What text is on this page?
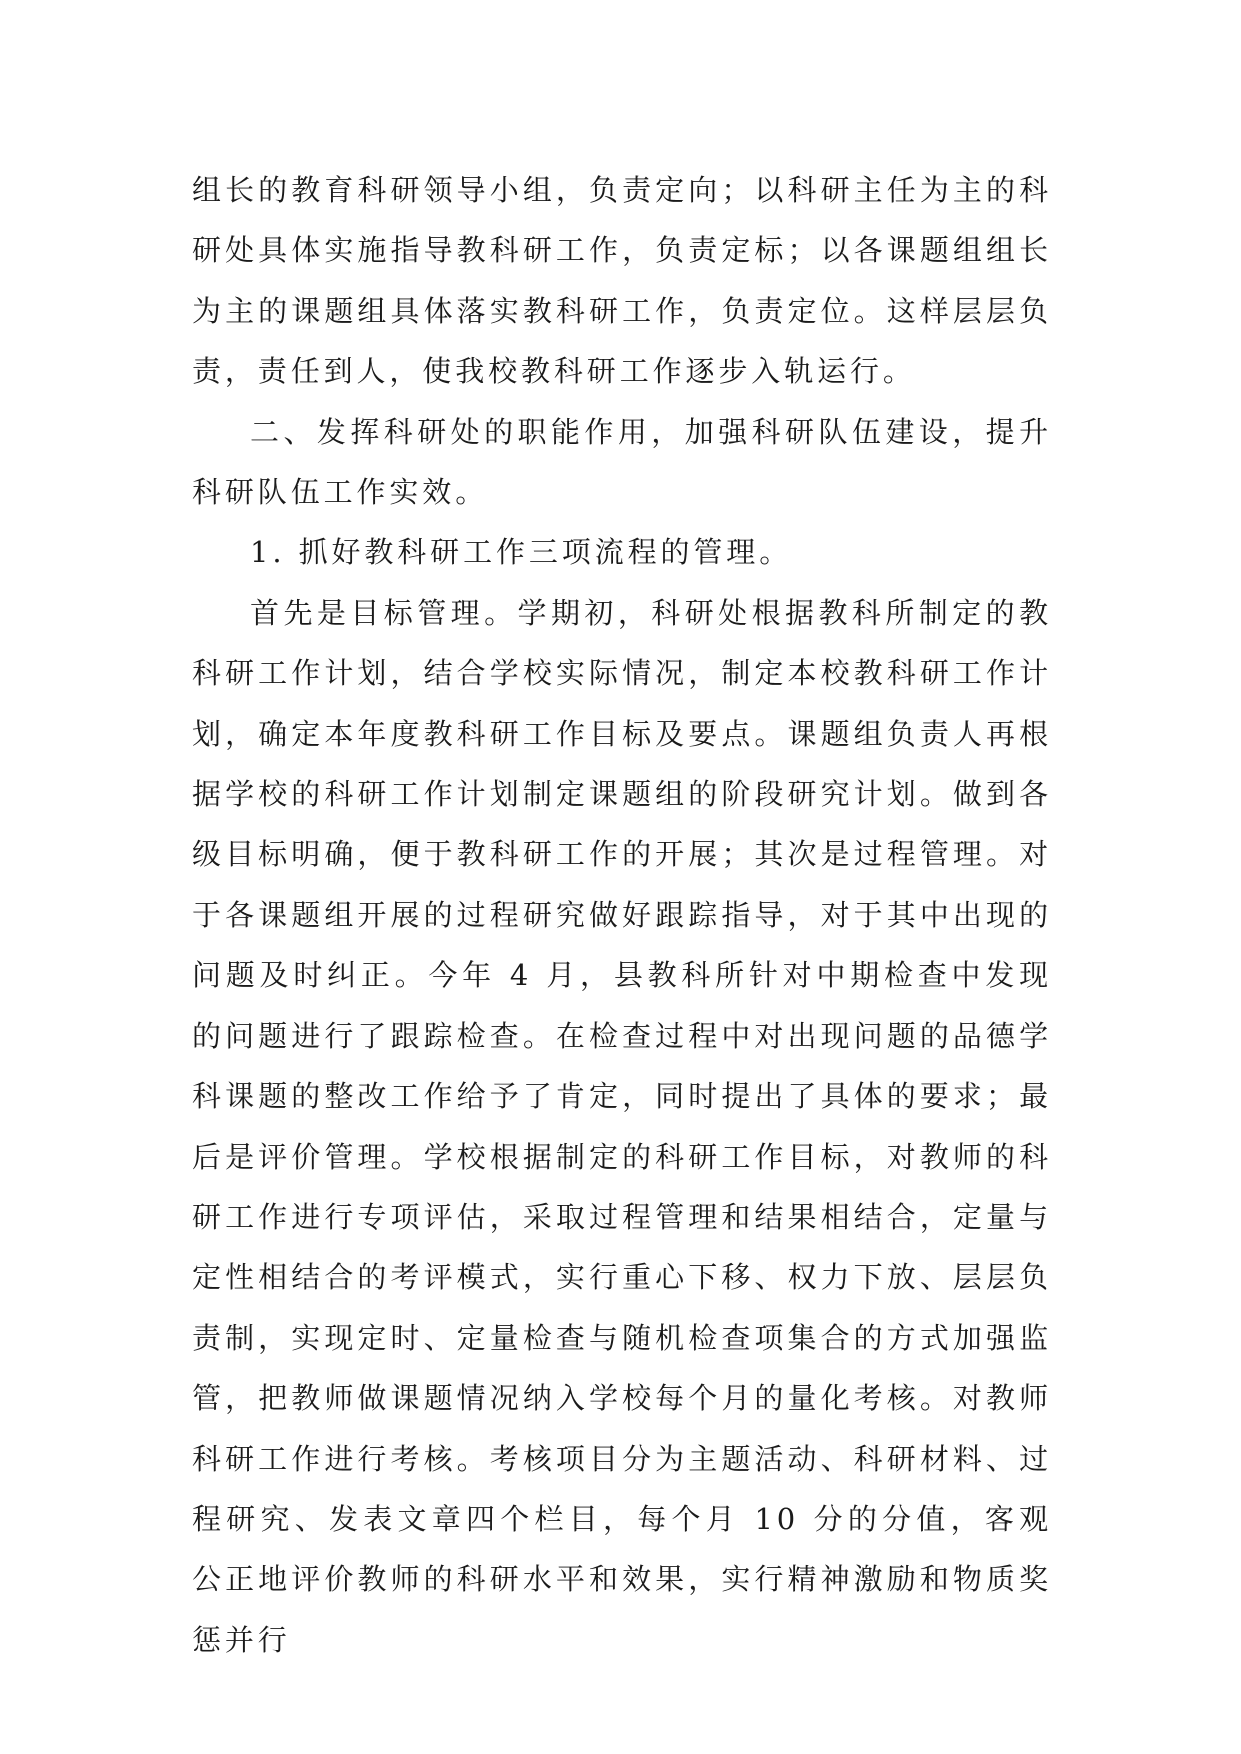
组长的教育科研领导小组，负责定向；以科研主任为主的科研处具体实施指导教科研工作，负责定标；以各课题组组长为主的课题组具体落实教科研工作，负责定位。这样层层负责，责任到人，使我校教科研工作逐步入轨运行。

二、发挥科研处的职能作用，加强科研队伍建设，提升科研队伍工作实效。

1. 抓好教科研工作三项流程的管理。

首先是目标管理。学期初，科研处根据教科所制定的教科研工作计划，结合学校实际情况，制定本校教科研工作计划，确定本年度教科研工作目标及要点。课题组负责人再根据学校的科研工作计划制定课题组的阶段研究计划。做到各级目标明确，便于教科研工作的开展；其次是过程管理。对于各课题组开展的过程研究做好跟踪指导，对于其中出现的问题及时纠正。今年 4 月，县教科所针对中期检查中发现的问题进行了跟踪检查。在检查过程中对出现问题的品德学科课题的整改工作给予了肯定，同时提出了具体的要求；最后是评价管理。学校根据制定的科研工作目标，对教师的科研工作进行专项评估，采取过程管理和结果相结合，定量与定性相结合的考评模式，实行重心下移、权力下放、层层负责制，实现定时、定量检查与随机检查项集合的方式加强监管，把教师做课题情况纳入学校每个月的量化考核。对教师科研工作进行考核。考核项目分为主题活动、科研材料、过程研究、发表文章四个栏目，每个月 10 分的分值，客观公正地评价教师的科研水平和效果，实行精神激励和物质奖惩并行
